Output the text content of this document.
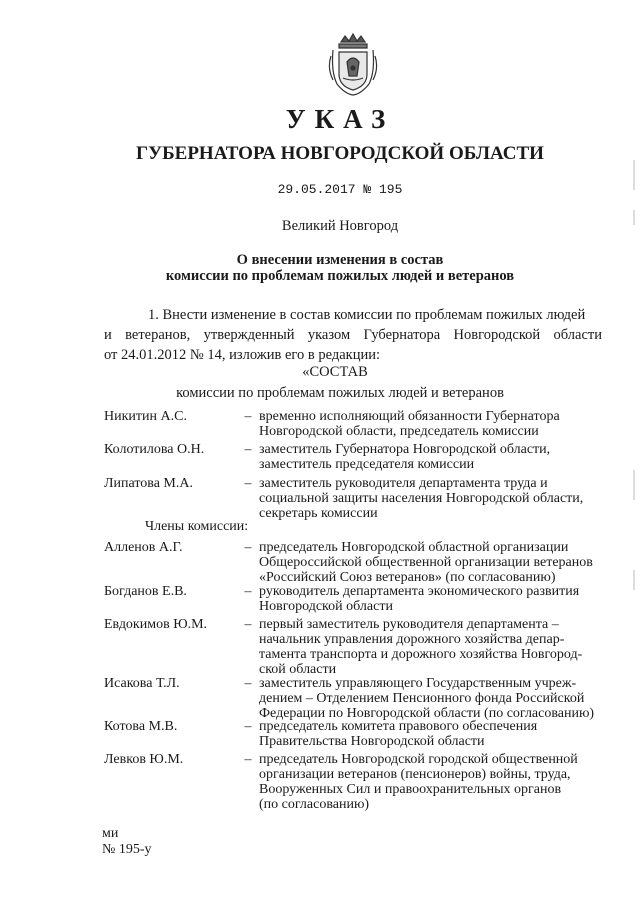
УКАЗ
ГУБЕРНАТОРА НОВГОРОДСКОЙ ОБЛАСТИ
29.05.2017 № 195
Великий Новгород
О внесении изменения в состав
комиссии по проблемам пожилых людей и ветеранов
1. Внести изменение в состав комиссии по проблемам пожилых людей
и ветеранов, утвержденный указом Губернатора Новгородской области
от 24.01.2012 № 14, изложив его в редакции:
«СОСТАВ
комиссии по проблемам пожилых людей и ветеранов
Никитин А.С.	– временно исполняющий обязанности Губернатора
Новгородской области, председатель комиссии
Колотилова О.Н.	– заместитель Губернатора Новгородской области,
заместитель председателя комиссии
Липатова М.А.	– заместитель руководителя департамента труда и
социальной защиты населения Новгородской области,
секретарь комиссии
Члены комиссии:
Алленов А.Г.	– председатель Новгородской областной организации
Общероссийской общественной организации ветеранов
«Российский Союз ветеранов» (по согласованию)
Богданов Е.В.	– руководитель департамента экономического развития
Новгородской области
Евдокимов Ю.М.	– первый заместитель руководителя департамента –
начальник управления дорожного хозяйства депар-
тамента транспорта и дорожного хозяйства Новгород-
ской области
Исакова Т.Л.	– заместитель управляющего Государственным учреж-
дением – Отделением Пенсионного фонда Российской
Федерации по Новгородской области (по согласованию)
Котова М.В.	– председатель комитета правового обеспечения
Правительства Новгородской области
Левков Ю.М.	– председатель Новгородской городской общественной
организации ветеранов (пенсионеров) войны, труда,
Вооруженных Сил и правоохранительных органов
(по согласованию)
ми
№ 195-у
